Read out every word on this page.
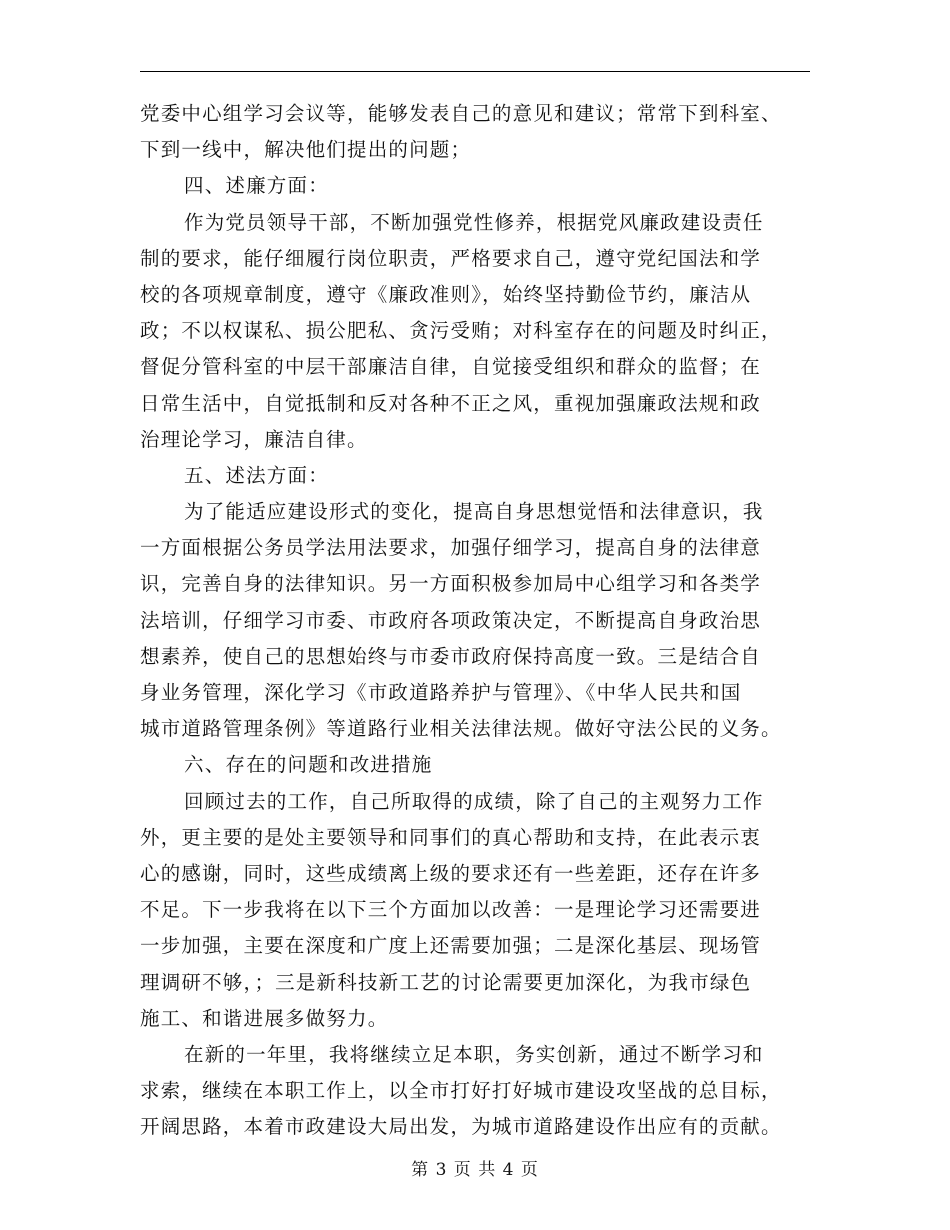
党委中心组学习会议等，能够发表自己的意见和建议；常常下到科室、
下到一线中，解决他们提出的问题；
四、述廉方面：
作为党员领导干部，不断加强党性修养，根据党风廉政建设责任
制的要求，能仔细履行岗位职责，严格要求自己，遵守党纪国法和学
校的各项规章制度，遵守《廉政准则》，始终坚持勤俭节约，廉洁从
政；不以权谋私、损公肥私、贪污受贿；对科室存在的问题及时纠正，
督促分管科室的中层干部廉洁自律，自觉接受组织和群众的监督；在
日常生活中，自觉抵制和反对各种不正之风，重视加强廉政法规和政
治理论学习，廉洁自律。
五、述法方面：
为了能适应建设形式的变化，提高自身思想觉悟和法律意识，我
一方面根据公务员学法用法要求，加强仔细学习，提高自身的法律意
识，完善自身的法律知识。另一方面积极参加局中心组学习和各类学
法培训，仔细学习市委、市政府各项政策决定，不断提高自身政治思
想素养，使自己的思想始终与市委市政府保持高度一致。三是结合自
身业务管理，深化学习《市政道路养护与管理》、《中华人民共和国
城市道路管理条例》等道路行业相关法律法规。做好守法公民的义务。
六、存在的问题和改进措施
回顾过去的工作，自己所取得的成绩，除了自己的主观努力工作
外，更主要的是处主要领导和同事们的真心帮助和支持，在此表示衷
心的感谢，同时，这些成绩离上级的要求还有一些差距，还存在许多
不足。下一步我将在以下三个方面加以改善：一是理论学习还需要进
一步加强，主要在深度和广度上还需要加强；二是深化基层、现场管
理调研不够，；三是新科技新工艺的讨论需要更加深化，为我市绿色
施工、和谐进展多做努力。
在新的一年里，我将继续立足本职，务实创新，通过不断学习和
求索，继续在本职工作上，以全市打好打好城市建设攻坚战的总目标，
开阔思路，本着市政建设大局出发，为城市道路建设作出应有的贡献。
第 3 页 共 4 页
